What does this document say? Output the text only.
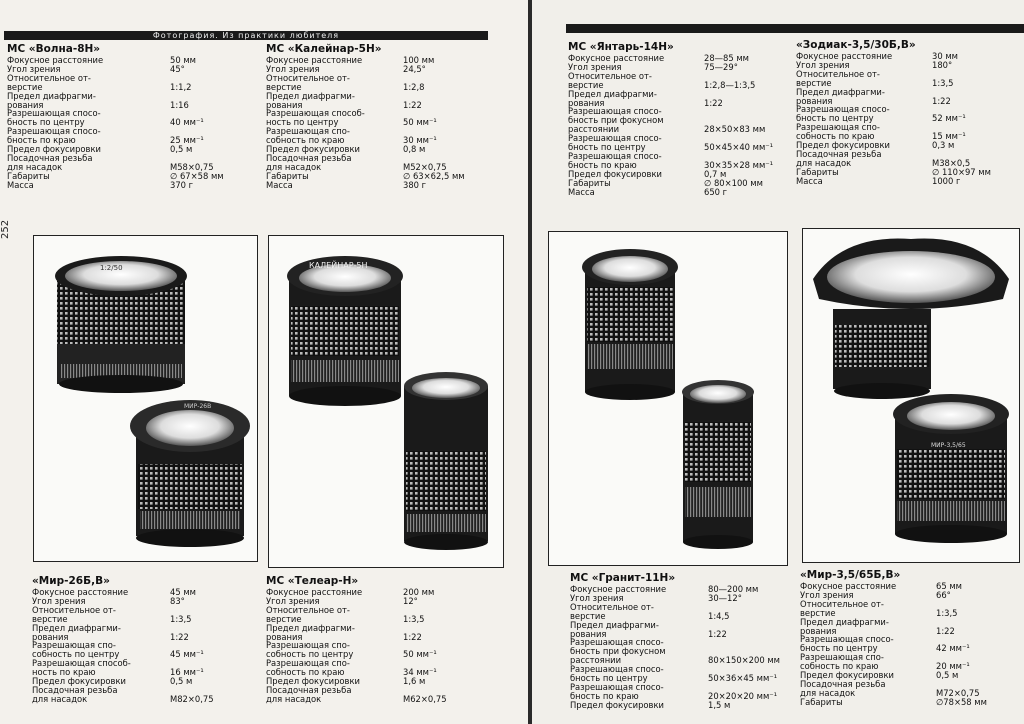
Фотография. Из практики любителя
252
МС «Волна-8Н»
Фокусное расстояние	50 мм
Угол зрения	45°
Относительное от-
верстие	1:1,2
Предел диафрагми-
рования	1:16
Разрешающая спосо-
бность по центру	40 мм⁻¹
Разрешающая спосо-
бность по краю	25 мм⁻¹
Предел фокусировки	0,5 м
Посадочная резьба
для насадок	М58×0,75
Габариты	∅ 67×58 мм
Масса	370 г
МС «Калейнар-5Н»
Фокусное расстояние	100 мм
Угол зрения	24,5°
Относительное от-
верстие	1:2,8
Предел диафрагми-
рования	1:22
Разрешающая способ-
ность по центру	50 мм⁻¹
Разрешающая спо-
собность по краю	30 мм⁻¹
Предел фокусировки	0,8 м
Посадочная резьба
для насадок	М52×0,75
Габариты	∅ 63×62,5 мм
Масса	380 г
1:2/50
МИР-26В
КАЛЕЙНАР-5Н
«Мир-26Б,В»
Фокусное расстояние	45 мм
Угол зрения	83°
Относительное от-
верстие	1:3,5
Предел диафрагми-
рования	1:22
Разрешающая спо-
собность по центру	45 мм⁻¹
Разрешающая способ-
ность по краю	16 мм⁻¹
Предел фокусировки	0,5 м
Посадочная резьба
для насадок	М82×0,75
МС «Телеар-Н»
Фокусное расстояние	200 мм
Угол зрения	12°
Относительное от-
верстие	1:3,5
Предел диафрагми-
рования	1:22
Разрешающая спо-
собность по центру	50 мм⁻¹
Разрешающая спо-
собность по краю	34 мм⁻¹
Предел фокусировки	1,6 м
Посадочная резьба
для насадок	М62×0,75
МС «Янтарь-14Н»
Фокусное расстояние	28—85 мм
Угол зрения	75—29°
Относительное от-
верстие	1:2,8—1:3,5
Предел диафрагми-
рования	1:22
Разрешающая спосо-
бность при фокусном
расстоянии	28×50×83 мм
Разрешающая спосо-
бность по центру	50×45×40 мм⁻¹
Разрешающая спосо-
бность по краю	30×35×28 мм⁻¹
Предел фокусировки	0,7 м
Габариты	∅ 80×100 мм
Масса	650 г
«Зодиак-3,5/30Б,В»
Фокусное расстояние	30 мм
Угол зрения	180°
Относительное от-
верстие	1:3,5
Предел диафрагми-
рования	1:22
Разрешающая спосо-
бность по центру	52 мм⁻¹
Разрешающая спо-
собность по краю	15 мм⁻¹
Предел фокусировки	0,3 м
Посадочная резьба
для насадок	М38×0,5
Габариты	∅ 110×97 мм
Масса	1000 г
МИР-3,5/65
МС «Гранит-11Н»
Фокусное расстояние	80—200 мм
Угол зрения	30—12°
Относительное от-
верстие	1:4,5
Предел диафрагми-
рования	1:22
Разрешающая спосо-
бность при фокусном
расстоянии	80×150×200 мм
Разрешающая спосо-
бность по центру	50×36×45 мм⁻¹
Разрешающая спосо-
бность по краю	20×20×20 мм⁻¹
Предел фокусировки	1,5 м
«Мир-3,5/65Б,В»
Фокусное расстояние	65 мм
Угол зрения	66°
Относительное от-
верстие	1:3,5
Предел диафрагми-
рования	1:22
Разрешающая спосо-
бность по центру	42 мм⁻¹
Разрешающая спо-
собность по краю	20 мм⁻¹
Предел фокусировки	0,5 м
Посадочная резьба
для насадок	М72×0,75
Габариты	∅78×58 мм
